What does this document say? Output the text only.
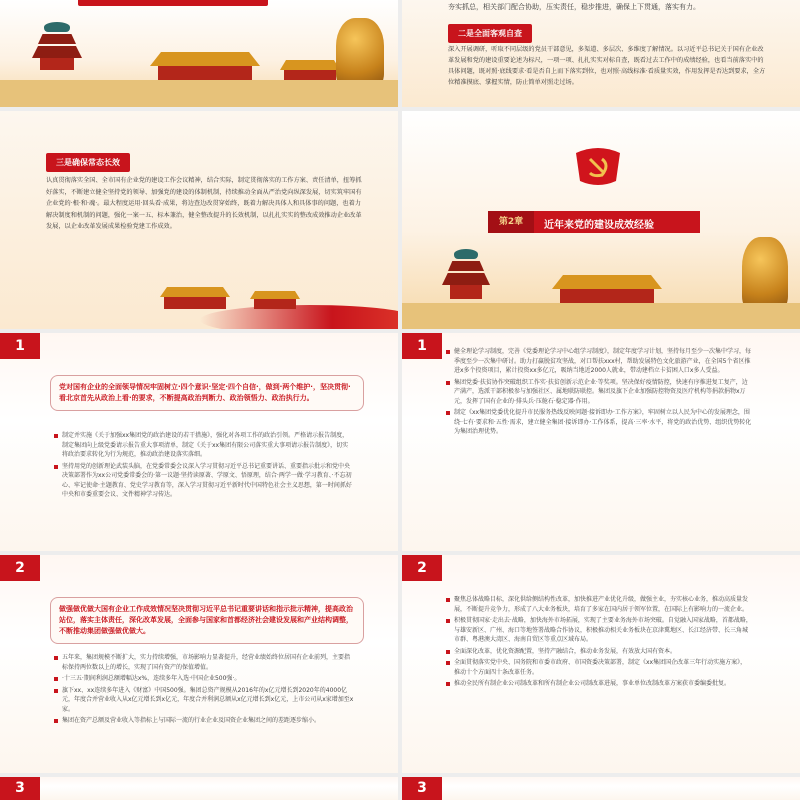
夯实抓总，相关部门配合协助，压实责任，稳步推进，确保上下贯通，落实有力。
二是全面客观自查
深入开展调研，听取不同层级的党员干部意见，多渠道、多层次、多维度了解情况。以习近平总书记关于国有企业改革发展和党的建设重要论述为标尺，一项一项、扎扎实实对标自查，既看过去工作中的成绩经验，也看当前落实中的具体问题，既对照·底线要求·看是否自上而下落实到位，也对照·高线标准·看质量实效，作用发挥是否达到要求，全方位精准摸底、掌握实情，防止简单对照走过场。
三是确保常态长效
认真贯彻落实全国、全市国有企业党的建设工作会议精神，结合实际，制定贯彻落实的工作方案、责任清单，扭筹抓好落实，不断建立健全坚持党的领导、加强党的建设的体制机制，持续推动全面从严治党向纵深发展，切实筑牢国有企业党的·根·和·魂·。最大程度运用·回头看·成果，将边查边改贯穿始终，既着力解决具体人和具体事的问题，也着力解决制度和机制的问题，强化一案一五、标本兼治，健全整改提升的长效机制，以扎扎实实的整改成效推动企业改革发展，以企业改革发展成果检验党建工作成效。	第2章	近年来党的建设成效经验
1
党对国有企业的全面领导情况牢固树立·四个意识·坚定·四个自信·，做到·两个维护·，坚决贯彻·看北京首先从政治上看·的要求，不断提高政治判断力、政治领悟力、政治执行力。
制定并实施《关于加强xx集团党的政治建设的若干措施》，强化对各项工作的政治引领。严格请示报告制度，制定集团向上级党委请示报告重大事项清单，制定《关于xx集团有限公司落实重大事项请示报告制度》，切实将政治要求转化为行为规范，推动政治建设落实落细。
坚持用党的创新理论武装头脑，在党委常委会议深入学习贯彻习近平总书记重要讲话、重要指示批示和党中央决策部署作为xx公司党委常委会的·第一议题·坚持读原著、学原文、悟原理，结合·两学一做·学习教育、·不忘初心、牢记使命·主题教育、党史学习教育等，深入学习贯彻习近平新时代中国特色社会主义思想，第一时间抓好中央和市委重要会议、文件精神学习传达。
1	健全理论学习制度，完善《党委理论学习中心组学习制度》，制定年度学习计划，坚持每月至少一次集中学习，每季度至少一次集中研讨。助力打赢脱贫攻坚战，对口帮扶xxx村，帮助发展特色文化旅游产业，在全国5个省区推进x多个投资项目，累计投资xx多亿元，吸纳当地近2000人就业，带动建档立卡贫困人口x多人受益。
集团党委·扶贫协作突破组织工作实·扶贫创新示范企业·等奖项。坚决保好疫情防控，快速有序推进复工复产，边产满产，选派干部积极参与加强社区、属地联防联控。集团及旗下企业加强防控物资及医疗机构等捐款捐物x万元，发挥了国有企业的·排头兵·压舱石·稳定器·作用。
制定《xx集团党委优化提升市民服务热线反映问题·接诉即办·工作方案》，牢固树立以人民为中心的发展理念，围绕·七有·要求和·五性·需求，建立健全集团·接诉即办·工作体系，提高·三率·水平，将党的政治优势、组织优势转化为集团治理优势。
2
做强做优做大国有企业工作成效情况坚决贯彻习近平总书记重要讲话和指示批示精神，提高政治站位，落实主体责任，深化改革发展，全面参与国家和首都经济社会建设发展和产业结构调整，不断推动集团做强做优做大。
五年来，集团规模不断扩大，实力持续增强，市场影响力显著提升，经营业绩始终位居国有企业前列，主要指标保持两位数以上的增长，实现了国有资产的保值增值。
·十三五·期间利润总额增幅达x%，连续多年入选·中国企业500强·。
旗下xx、xx连续多年进入《财富》中国500强。集团总资产规模从2016年的x亿元增长到2020年的4000亿元，年度合并营业收入从x亿元增长到x亿元，年度合并利润总额从x亿元增长到x亿元，上市公司从x家增加至x家。
集团在资产总额及营业收入等指标上与国际一流的行业企业及国资企业集团之间的差距逐步缩小。
2
聚焦总体战略目标，深化供给侧结构性改革，加快推进产业优化升级，做强主业，夯实核心业务，推动高质量发展，不断提升竞争力，形成了八大业务板块，培育了多家在国内居于领军位置，在国际上有影响力的一流企业。
积极贯彻国家·走出去·战略，加快海外市场拓展，实现了主要业务海外市场突破。自觉融入国家战略，首都战略，与雄安新区、广州、海口等地签署战略合作协议，积极推动相关业务板块在京津冀地区、长江经济带、长三角城市群、粤港澳大湾区、海南自贸区等重点区域布局。
全面深化改革，优化资源配置，坚持产融结合，推动业务发展，有效放大国有资本。
全面贯彻落实党中央、国务院和市委市政府、市国资委决策部署，制定《xx集团国企改革三年行动实施方案》，推动十个方面四十条改革任务。
推动全民所有制企业公司制改革和所有制企业公司制改革进展，事业单位改制改革方案获市委编委批复。
3	3
